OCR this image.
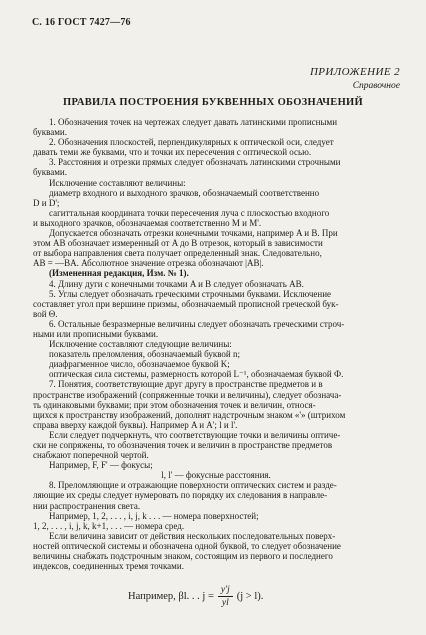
С. 16 ГОСТ 7427—76
ПРИЛОЖЕНИЕ 2
Справочное
ПРАВИЛА ПОСТРОЕНИЯ БУКВЕННЫХ ОБОЗНАЧЕНИЙ

1. Обозначения точек на чертежах следует давать латинскими прописными

буквами.

2. Обозначения плоскостей, перпендикулярных к оптической оси, следует

давать теми же буквами, что и точки их пересечения с оптической осью.

3. Расстояния и отрезки прямых следует обозначать латинскими строчными

буквами.

Исключение составляют величины:

диаметр входного и выходного зрачков, обозначаемый соответственно

D и D';

сагиттальная координата точки пересечения луча с плоскостью входного

и выходного зрачков, обозначаемая соответственно M и M'.

Допускается обозначать отрезки конечными точками, например A и B. При

этом AB обозначает измеренный от A до B отрезок, который в зависимости

от выбора направления света получает определенный знак. Следовательно,

AB = —BA. Абсолютное значение отрезка обозначают |AB|.

(Измененная редакция, Изм. № 1).

4. Длину дуги с конечными точками A и B следует обозначать AB.

5. Углы следует обозначать греческими строчными буквами. Исключение

составляет угол при вершине призмы, обозначаемый прописной греческой бук-

вой Θ.

6. Остальные безразмерные величины следует обозначать греческими строч-

ными или прописными буквами.

Исключение составляют следующие величины:

показатель преломления, обозначаемый буквой n;

диафрагменное число, обозначаемое буквой K;

оптическая сила системы, размерность которой L⁻¹, обозначаемая буквой Ф.

7. Понятия, соответствующие друг другу в пространстве предметов и в

пространстве изображений (сопряженные точки и величины), следует обознача-

ть одинаковыми буквами; при этом обозначения точек и величин, относя-

щихся к пространству изображений, дополнят надстрочным знаком «'» (штрихом

справа вверху каждой буквы). Например A и A'; l и l'.

Если следует подчеркнуть, что соответствующие точки и величины оптиче-

ски не сопряжены, то обозначения точек и величин в пространстве предметов

снабжают поперечной чертой.

Например, F, F' — фокусы;

l, l' — фокусные расстояния.

8. Преломляющие и отражающие поверхности оптических систем и разде-

ляющие их среды следует нумеровать по порядку их следования в направле-

нии распространения света.

Например, 1, 2, . . . , i, j, k . . . — номера поверхностей;

1, 2, . . . , i, j, k, k+1, . . . — номера сред.

Если величина зависит от действия нескольких последовательных поверх-

ностей оптической системы и обозначена одной буквой, то следует обозначение

величины снабжать подстрочным знаком, состоящим из первого и последнего

индексов, соединенных тремя точками.

Например, βl. . . $j = \frac{y'j}{yl} (j > l)$.
